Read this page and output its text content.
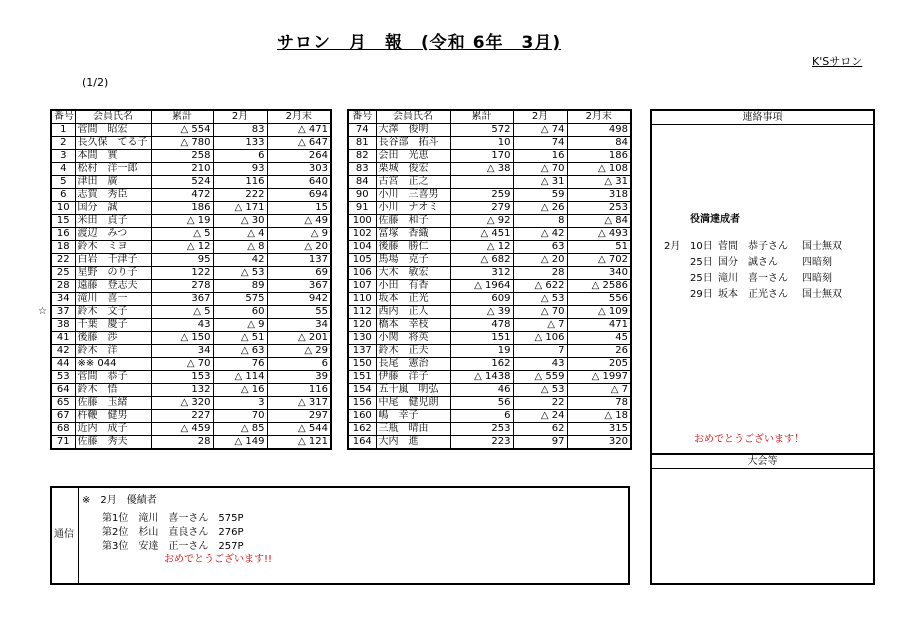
サロン　月　報　(令和 6年　3月)
K'Sサロン
(1/2)
番号	会員氏名	累計	2月	2月末
1	菅間　昭宏	△ 554	83	△ 471
2	長久保　てる子	△ 780	133	△ 647
3	本間　實	258	6	264
4	松村　洋一郎	210	93	303
5	津田　廣	524	116	640
6	志賀　秀臣	472	222	694
10	国分　誠	186	△ 171	15
15	米田　貞子	△ 19	△ 30	△ 49
16	渡辺　みつ	△ 5	△ 4	△ 9
18	鈴木　ミヨ	△ 12	△ 8	△ 20
22	白岩　千津子	95	42	137
25	星野　のり子	122	△ 53	69
28	遠藤　登志夫	278	89	367
34	滝川　喜一	367	575	942
37	鈴木　文子	△ 5	60	55
38	千葉　慶子	43	△ 9	34
41	後藤　渉	△ 150	△ 51	△ 201
42	鈴木　洋	34	△ 63	△ 29
44	※※ 044	△ 70	76	6
53	菅間　恭子	153	△ 114	39
64	鈴木　悟	132	△ 16	116
65	佐藤　玉緒	△ 320	3	△ 317
67	杵鞭　健男	227	70	297
68	近内　成子	△ 459	△ 85	△ 544
71	佐藤　秀夫	28	△ 149	△ 121
☆
番号	会員氏名	累計	2月	2月末
74	大澤　俊明	572	△ 74	498
81	長谷部　拓斗	10	74	84
82	会田　光恵	170	16	186
83	栗城　俊宏	△ 38	△ 70	△ 108
84	古宮　正之		△ 31	△ 31
90	小川　三喜男	259	59	318
91	小川　ナオミ	279	△ 26	253
100	佐藤　和子	△ 92	8	△ 84
102	冨塚　香織	△ 451	△ 42	△ 493
104	後藤　勝仁	△ 12	63	51
105	馬場　克子	△ 682	△ 20	△ 702
106	大木　敏宏	312	28	340
107	小田　有香	△ 1964	△ 622	△ 2586
110	坂本　正光	609	△ 53	556
112	西内　正人	△ 39	△ 70	△ 109
120	橋本　幸枝	478	△ 7	471
130	小関　将英	151	△ 106	45
137	鈴木　正夫	19	7	26
150	長尾　憲治	162	43	205
151	伊藤　洋子	△ 1438	△ 559	△ 1997
154	五十嵐　明弘	46	△ 53	△ 7
156	中尾　健児朗	56	22	78
160	嶋　幸子	6	△ 24	△ 18
162	三瓶　晴由	253	62	315
164	大内　進	223	97	320
連絡事項
役満達成者
2月 10日 菅間　恭子さん 国士無双
25日 国分　誠さん 四暗刻
25日 滝川　喜一さん 四暗刻
29日 坂本　正光さん 国士無双
おめでとうございます！
大会等
通信
※　2月　優績者
第1位　滝川　喜一さん　575P
第2位　杉山　直良さん　276P
第3位　安達　正一さん　257P
おめでとうございます!!
